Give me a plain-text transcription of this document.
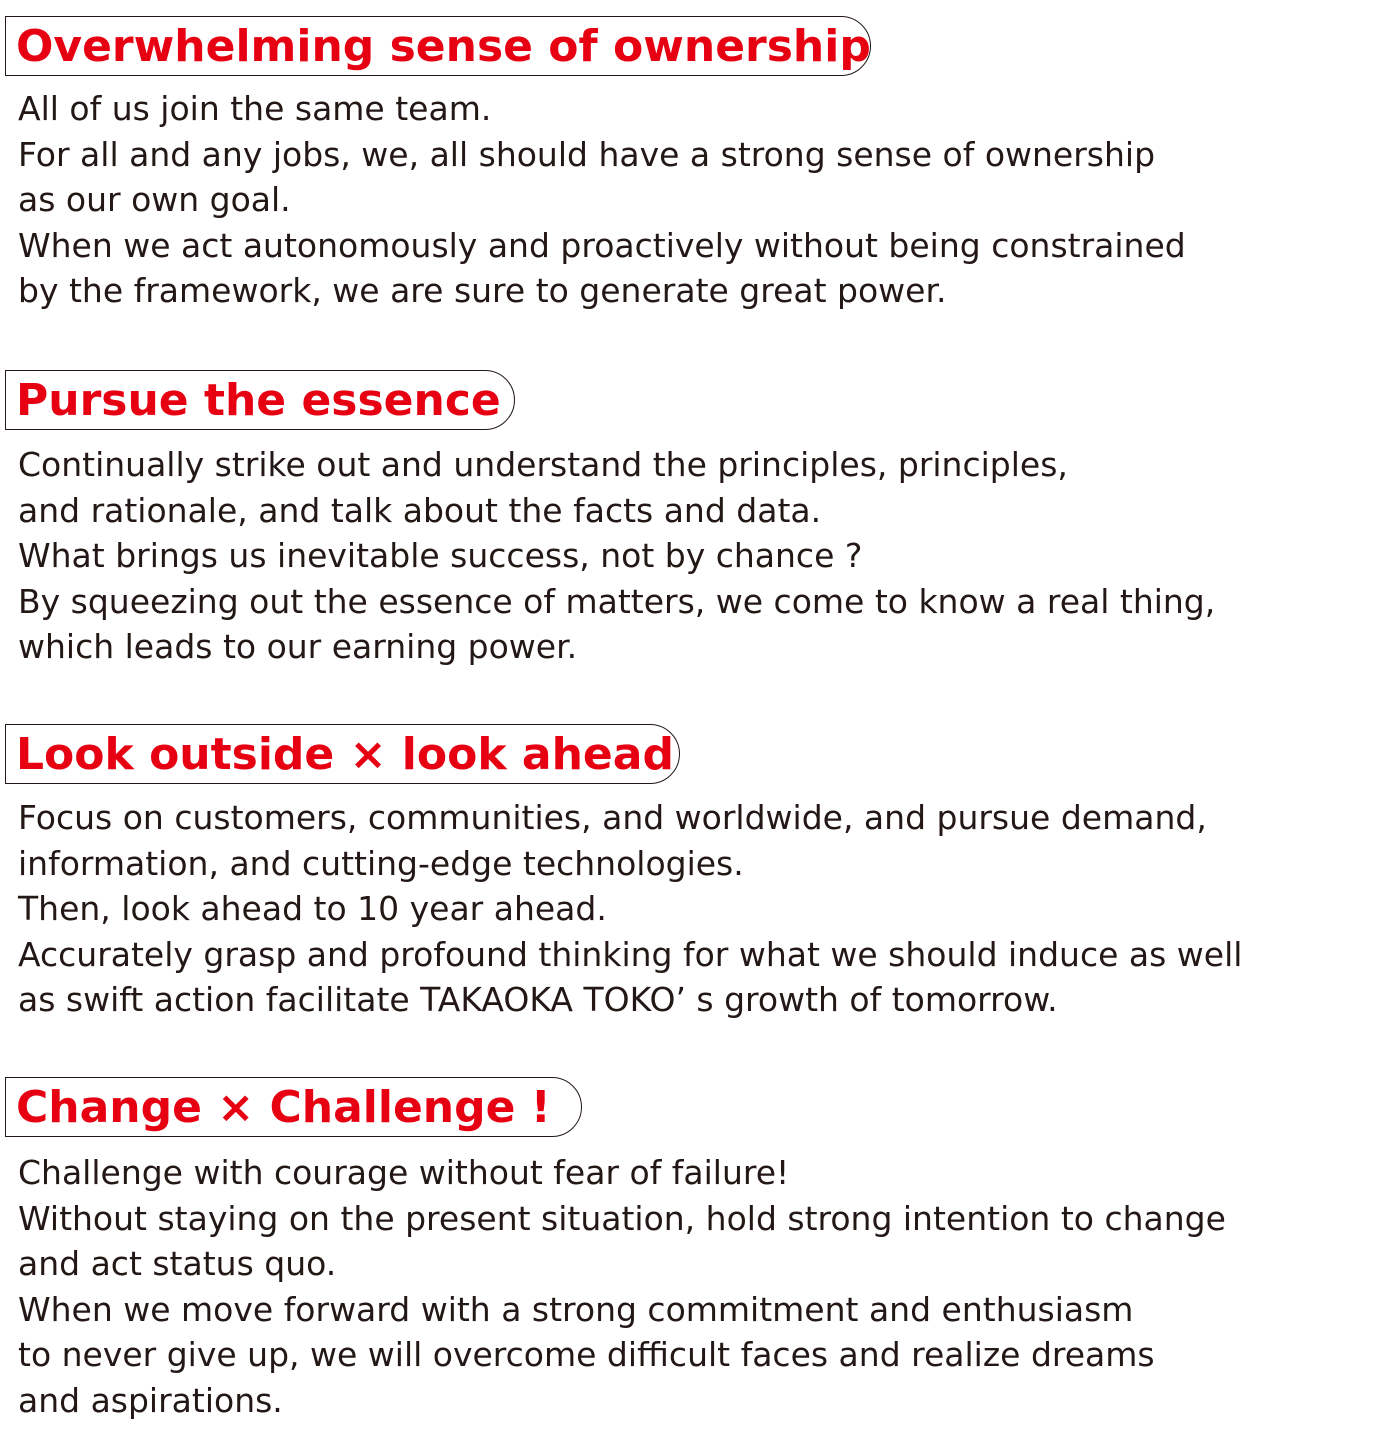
Overwhelming sense of ownership
All of us join the same team.
For all and any jobs, we, all should have a strong sense of ownership
as our own goal.
When we act autonomously and proactively without being constrained
by the framework, we are sure to generate great power.
Pursue the essence
Continually strike out and understand the principles, principles,
and rationale, and talk about the facts and data.
What brings us inevitable success, not by chance ?
By squeezing out the essence of matters, we come to know a real thing,
which leads to our earning power.
Look outside × look ahead
Focus on customers, communities, and worldwide, and pursue demand,
information, and cutting-edge technologies.
Then, look ahead to 10 year ahead.
Accurately grasp and profound thinking for what we should induce as well
as swift action facilitate TAKAOKA TOKO’ s growth of tomorrow.
Change × Challenge !
Challenge with courage without fear of failure!
Without staying on the present situation, hold strong intention to change
and act status quo.
When we move forward with a strong commitment and enthusiasm
to never give up, we will overcome difficult faces and realize dreams
and aspirations.
